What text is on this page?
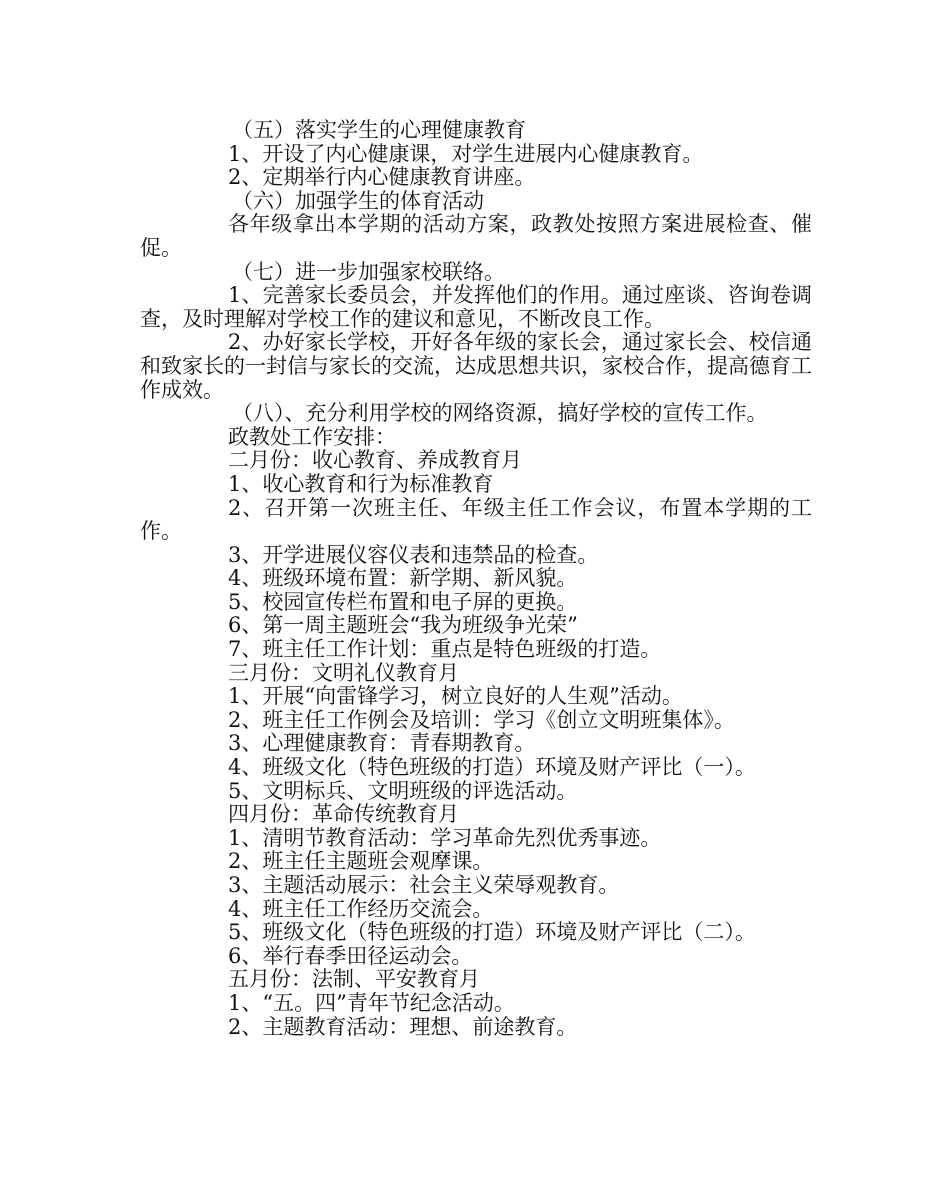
（五）落实学生的心理健康教育

1、开设了内心健康课，对学生进展内心健康教育。

2、定期举行内心健康教育讲座。

（六）加强学生的体育活动

各年级拿出本学期的活动方案，政教处按照方案进展检查、催促。

（七）进一步加强家校联络。

1、完善家长委员会，并发挥他们的作用。通过座谈、咨询卷调查，及时理解对学校工作的建议和意见，不断改良工作。

2、办好家长学校，开好各年级的家长会，通过家长会、校信通和致家长的一封信与家长的交流，达成思想共识，家校合作，提高德育工作成效。

（八）、充分利用学校的网络资源，搞好学校的宣传工作。

政教处工作安排：

二月份：收心教育、养成教育月

1、收心教育和行为标准教育

2、召开第一次班主任、年级主任工作会议，布置本学期的工作。

3、开学进展仪容仪表和违禁品的检查。

4、班级环境布置：新学期、新风貌。

5、校园宣传栏布置和电子屏的更换。

6、第一周主题班会“我为班级争光荣”

7、班主任工作计划：重点是特色班级的打造。

三月份：文明礼仪教育月

1、开展“向雷锋学习，树立良好的人生观”活动。

2、班主任工作例会及培训：学习《创立文明班集体》。

3、心理健康教育：青春期教育。

4、班级文化（特色班级的打造）环境及财产评比（一）。

5、文明标兵、文明班级的评选活动。

四月份：革命传统教育月

1、清明节教育活动：学习革命先烈优秀事迹。

2、班主任主题班会观摩课。

3、主题活动展示：社会主义荣辱观教育。

4、班主任工作经历交流会。

5、班级文化（特色班级的打造）环境及财产评比（二）。

6、举行春季田径运动会。

五月份：法制、平安教育月

1、“五。四”青年节纪念活动。

2、主题教育活动：理想、前途教育。
